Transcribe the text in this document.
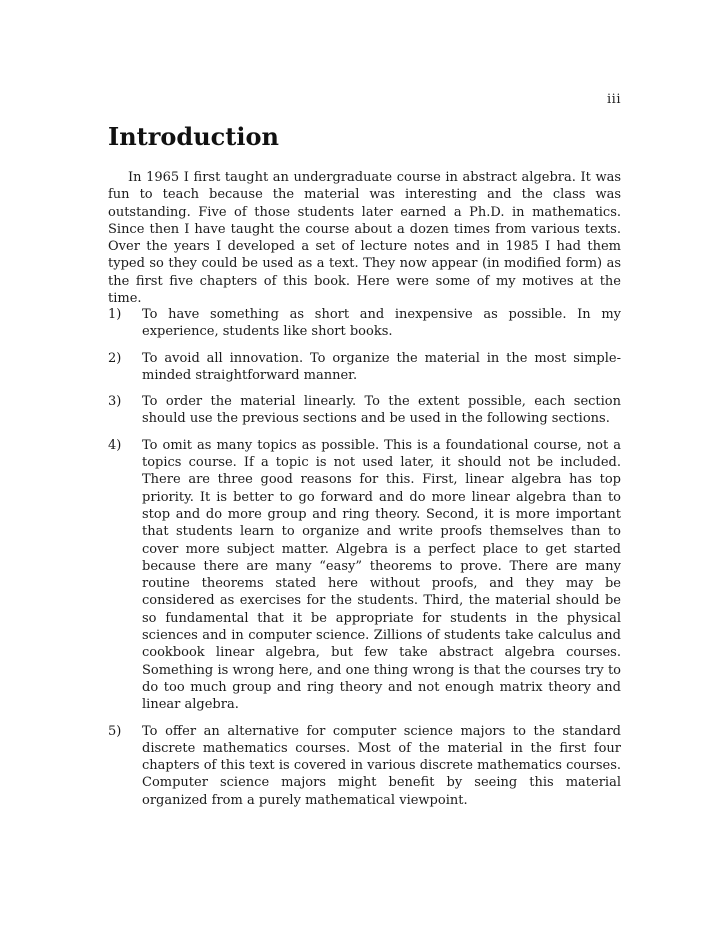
iii
Introduction

In 1965 I first taught an undergraduate course in abstract algebra. It was fun to teach because the material was interesting and the class was outstanding. Five of those students later earned a Ph.D. in mathematics. Since then I have taught the course about a dozen times from various texts. Over the years I developed a set of lecture notes and in 1985 I had them typed so they could be used as a text. They now appear (in modified form) as the first five chapters of this book. Here were some of my motives at the time.

1)	To have something as short and inexpensive as possible. In my experience, students like short books.
2)	To avoid all innovation. To organize the material in the most simple-minded straightforward manner.
3)	To order the material linearly. To the extent possible, each section should use the previous sections and be used in the following sections.
4)	To omit as many topics as possible. This is a foundational course, not a topics course. If a topic is not used later, it should not be included. There are three good reasons for this. First, linear algebra has top priority. It is better to go forward and do more linear algebra than to stop and do more group and ring theory. Second, it is more important that students learn to organize and write proofs themselves than to cover more subject matter. Algebra is a perfect place to get started because there are many “easy” theorems to prove. There are many routine theorems stated here without proofs, and they may be considered as exercises for the students. Third, the material should be so fundamental that it be appropriate for students in the physical sciences and in computer science. Zillions of students take calculus and cookbook linear algebra, but few take abstract algebra courses. Something is wrong here, and one thing wrong is that the courses try to do too much group and ring theory and not enough matrix theory and linear algebra.
5)	To offer an alternative for computer science majors to the standard discrete mathematics courses. Most of the material in the first four chapters of this text is covered in various discrete mathematics courses. Computer science majors might benefit by seeing this material organized from a purely mathematical viewpoint.
